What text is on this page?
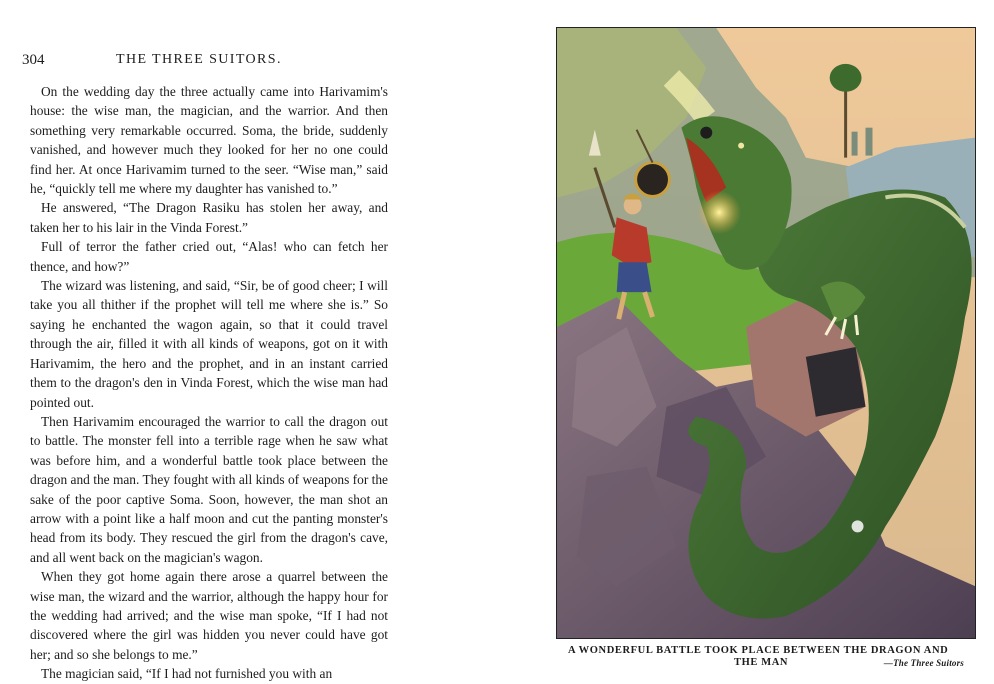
304	THE THREE SUITORS.

On the wedding day the three actually came into Harivamim's house: the wise man, the magician, and the warrior. And then something very remarkable occurred. Soma, the bride, suddenly vanished, and however much they looked for her no one could find her. At once Harivamim turned to the seer. “Wise man,” said he, “quickly tell me where my daughter has vanished to.”

He answered, “The Dragon Rasiku has stolen her away, and taken her to his lair in the Vinda Forest.”

Full of terror the father cried out, “Alas! who can fetch her thence, and how?”

The wizard was listening, and said, “Sir, be of good cheer; I will take you all thither if the prophet will tell me where she is.” So saying he enchanted the wagon again, so that it could travel through the air, filled it with all kinds of weapons, got on it with Harivamim, the hero and the prophet, and in an instant carried them to the dragon's den in Vinda Forest, which the wise man had pointed out.

Then Harivamim encouraged the warrior to call the dragon out to battle. The monster fell into a terrible rage when he saw what was before him, and a wonderful battle took place between the dragon and the man. They fought with all kinds of weapons for the sake of the poor captive Soma. Soon, however, the man shot an arrow with a point like a half moon and cut the panting monster's head from its body. They rescued the girl from the dragon's cave, and all went back on the magician's wagon.

When they got home again there arose a quarrel between the wise man, the wizard and the warrior, although the happy hour for the wedding had arrived; and the wise man spoke, “If I had not discovered where the girl was hidden you never could have got her; and so she belongs to me.”

The magician said, “If I had not furnished you with an

A WONDERFUL BATTLE TOOK PLACE BETWEEN THE DRAGON AND
THE MAN	—The Three Suitors
